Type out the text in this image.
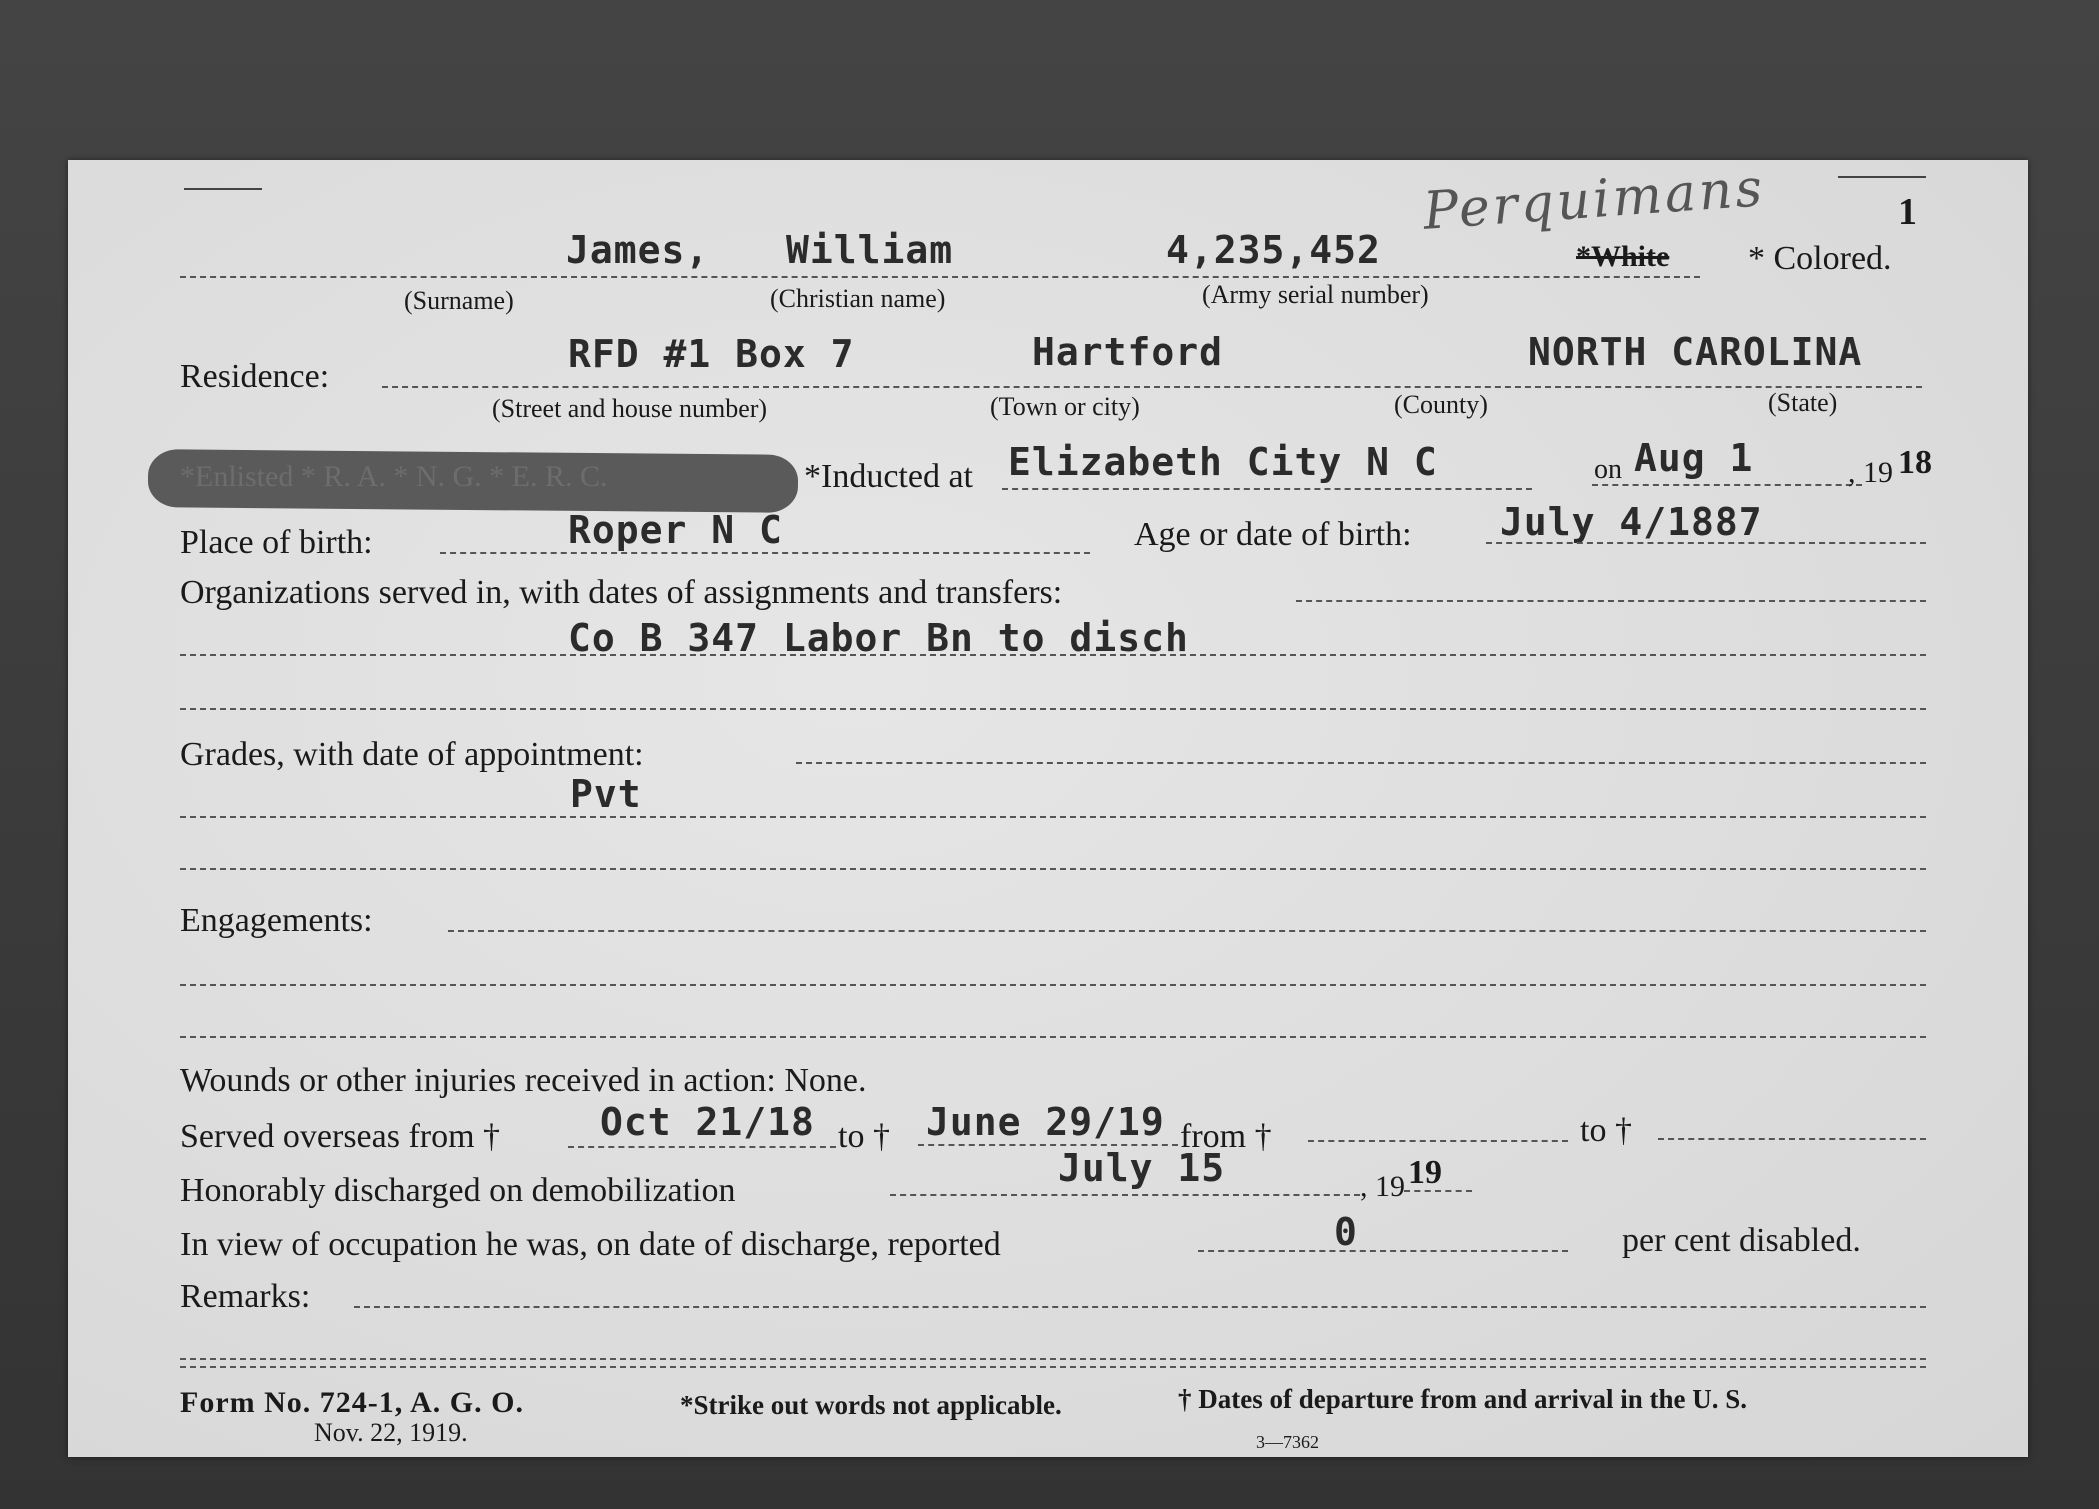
Perquimans	1
James, William	4,235,452	*White * Colored.
(Surname)	(Christian name)	(Army serial number)
Residence:
RFD #1 Box 7	Hartford	NORTH CAROLINA
(Street and house number)	(Town or city)	(County)	(State)
*Enlisted * R. A. * N. G. * E. R. C.	*Inducted at Elizabeth City N C	on Aug 1	, 19 18
Place of birth:	Roper N C	Age or date of birth: July 4/1887
Organizations served in, with dates of assignments and transfers:
Co B 347 Labor Bn to disch
Grades, with date of appointment:
Pvt
Engagements:
Wounds or other injuries received in action: None.
Served overseas from †	Oct 21/18 to † June 29/19 from †	to †
Honorably discharged on demobilization
July 15	, 19 19
In view of occupation he was, on date of discharge, reported	0	per cent disabled.
Remarks:
Form No. 724-1, A. G. O.
Nov. 22, 1919.
*Strike out words not applicable.	† Dates of departure from and arrival in the U. S.
3—7362
